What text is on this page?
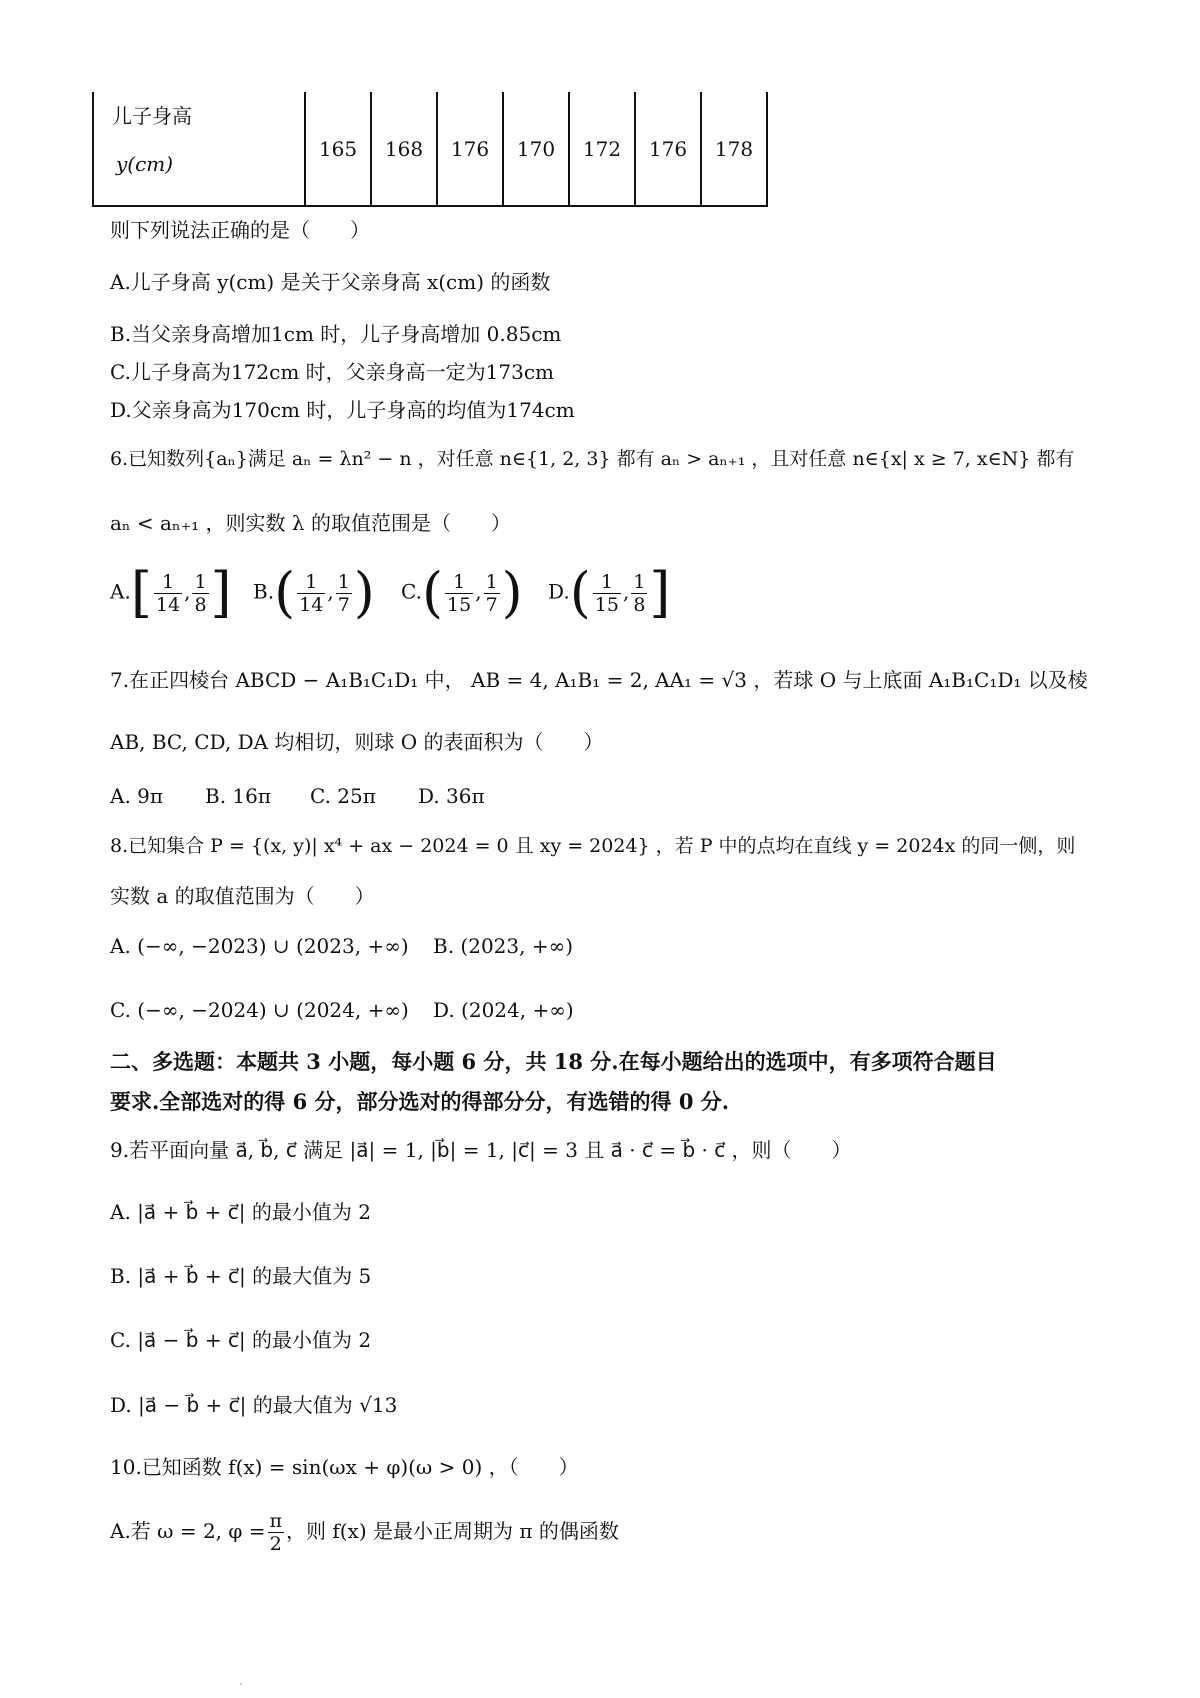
儿子身高
y(cm)
	165	168	176	170	172	176	178
则下列说法正确的是（　　）
A.儿子身高 y(cm) 是关于父亲身高 x(cm) 的函数
B.当父亲身高增加1cm 时，儿子身高增加 0.85cm
C.儿子身高为172cm 时，父亲身高一定为173cm
D.父亲身高为170cm 时，儿子身高的均值为174cm
6.已知数列{aₙ}满足 aₙ = λn² − n ，对任意 n∈{1, 2, 3} 都有 aₙ > aₙ₊₁ ，且对任意 n∈{x| x ≥ 7, x∈N} 都有
aₙ < aₙ₊₁ ，则实数 λ 的取值范围是（　　）
$A.[ \frac{1}{14}$ , $\frac{1}{8}$ ] $B.( \frac{1}{14}$ , $\frac{1}{7}$ ) $C.( \frac{1}{15}$ , $\frac{1}{7}$ ) $D.( \frac{1}{15}$ , $\frac{1}{8}$ ]
7.在正四棱台 ABCD − A₁B₁C₁D₁ 中， AB = 4, A₁B₁ = 2, AA₁ = √3 ，若球 O 与上底面 A₁B₁C₁D₁ 以及棱
AB, BC, CD, DA 均相切，则球 O 的表面积为（　　）
A. 9π B. 16π C. 25π D. 36π
8.已知集合 P = {(x, y)| x⁴ + ax − 2024 = 0 且 xy = 2024} ，若 P 中的点均在直线 y = 2024x 的同一侧，则
实数 a 的取值范围为（　　）
A. (−∞, −2023) ∪ (2023, +∞) B. (2023, +∞)
C. (−∞, −2024) ∪ (2024, +∞) D. (2024, +∞)
二、多选题：本题共 3 小题，每小题 6 分，共 18 分.在每小题给出的选项中，有多项符合题目
要求.全部选对的得 6 分，部分选对的得部分分，有选错的得 0 分.
9.若平面向量 a⃗, b⃗, c⃗ 满足 |a⃗| = 1, |b⃗| = 1, |c⃗| = 3 且 a⃗ · c⃗ = b⃗ · c⃗ ，则（　　）
A. |a⃗ + b⃗ + c⃗| 的最小值为 2
B. |a⃗ + b⃗ + c⃗| 的最大值为 5
C. |a⃗ − b⃗ + c⃗| 的最小值为 2
D. |a⃗ − b⃗ + c⃗| 的最大值为 √13
10.已知函数 f(x) = sin(ωx + φ)(ω > 0) ，（　　）
A.若 ω = 2, $\varphi = \frac{\pi}{2}$ ，则 f(x) 是最小正周期为 π 的偶函数
